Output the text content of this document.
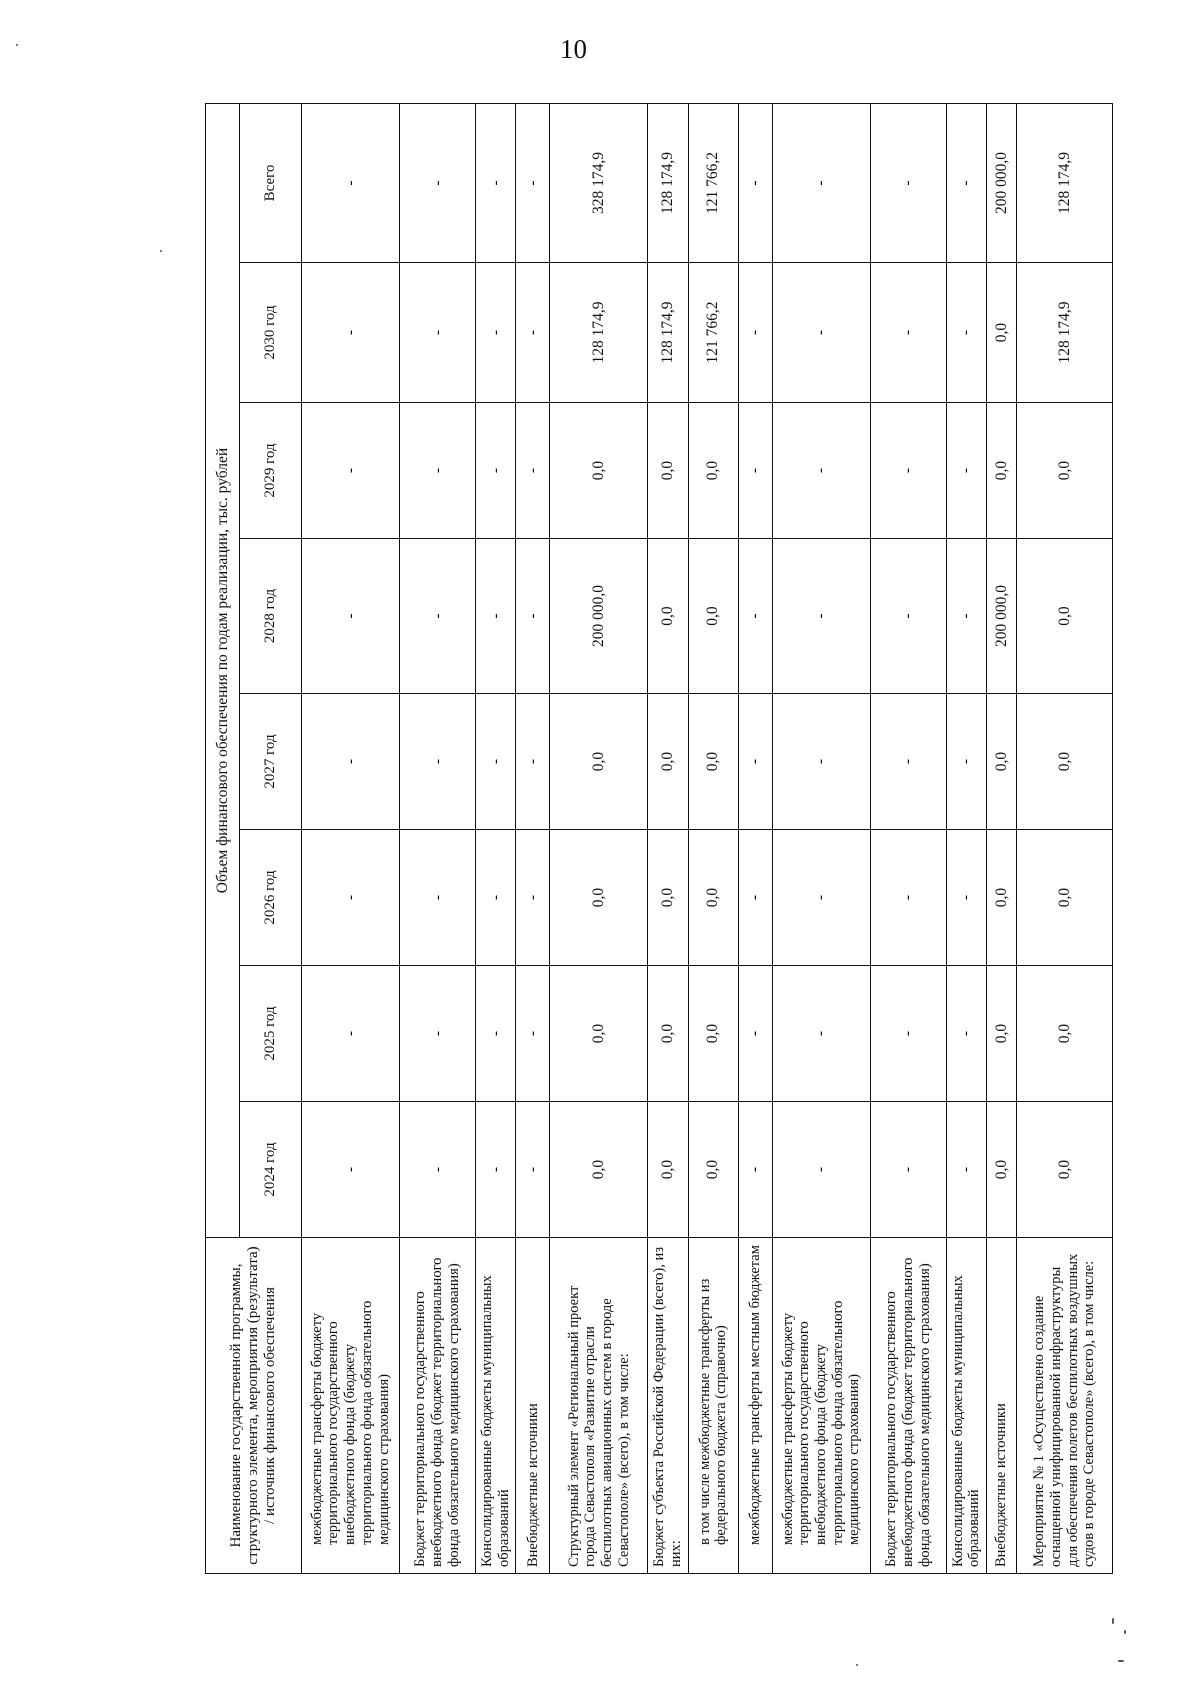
10
Наименование государственной программы, структурного элемента, мероприятия (результата) / источник финансового обеспечения	Объем финансового обеспечения по годам реализации, тыс. рублей							
	2024 год	2025 год	2026 год	2027 год	2028 год	2029 год	2030 год	Всего
межбюджетные трансферты бюджету территориального государственного внебюджетного фонда (бюджету территориального фонда обязательного медицинского страхования)	-	-	-	-	-	-	-	-
Бюджет территориального государственного внебюджетного фонда (бюджет территориального фонда обязательного медицинского страхования)	-	-	-	-	-	-	-	-
Консолидированные бюджеты муниципальных образований	-	-	-	-	-	-	-	-
Внебюджетные источники	-	-	-	-	-	-	-	-
Структурный элемент «Региональный проект города Севастополя «Развитие отрасли беспилотных авиационных систем в городе Севастополе» (всего), в том числе:	0,0	0,0	0,0	0,0	200 000,0	0,0	128 174,9	328 174,9
Бюджет субъекта Российской Федерации (всего), из них:	0,0	0,0	0,0	0,0	0,0	0,0	128 174,9	128 174,9
в том числе межбюджетные трансферты из федерального бюджета (справочно)	0,0	0,0	0,0	0,0	0,0	0,0	121 766,2	121 766,2
межбюджетные трансферты местным бюджетам	-	-	-	-	-	-	-	-
межбюджетные трансферты бюджету территориального государственного внебюджетного фонда (бюджету территориального фонда обязательного медицинского страхования)	-	-	-	-	-	-	-	-
Бюджет территориального государственного внебюджетного фонда (бюджет территориального фонда обязательного медицинского страхования)	-	-	-	-	-	-	-	-
Консолидированные бюджеты муниципальных образований	-	-	-	-	-	-	-	-
Внебюджетные источники	0,0	0,0	0,0	0,0	200 000,0	0,0	0,0	200 000,0
Мероприятие № 1 «Осуществлено создание оснащенной унифицированной инфраструктуры для обеспечения полетов беспилотных воздушных судов в городе Севастополе» (всего), в том числе:	0,0	0,0	0,0	0,0	0,0	0,0	128 174,9	128 174,9
